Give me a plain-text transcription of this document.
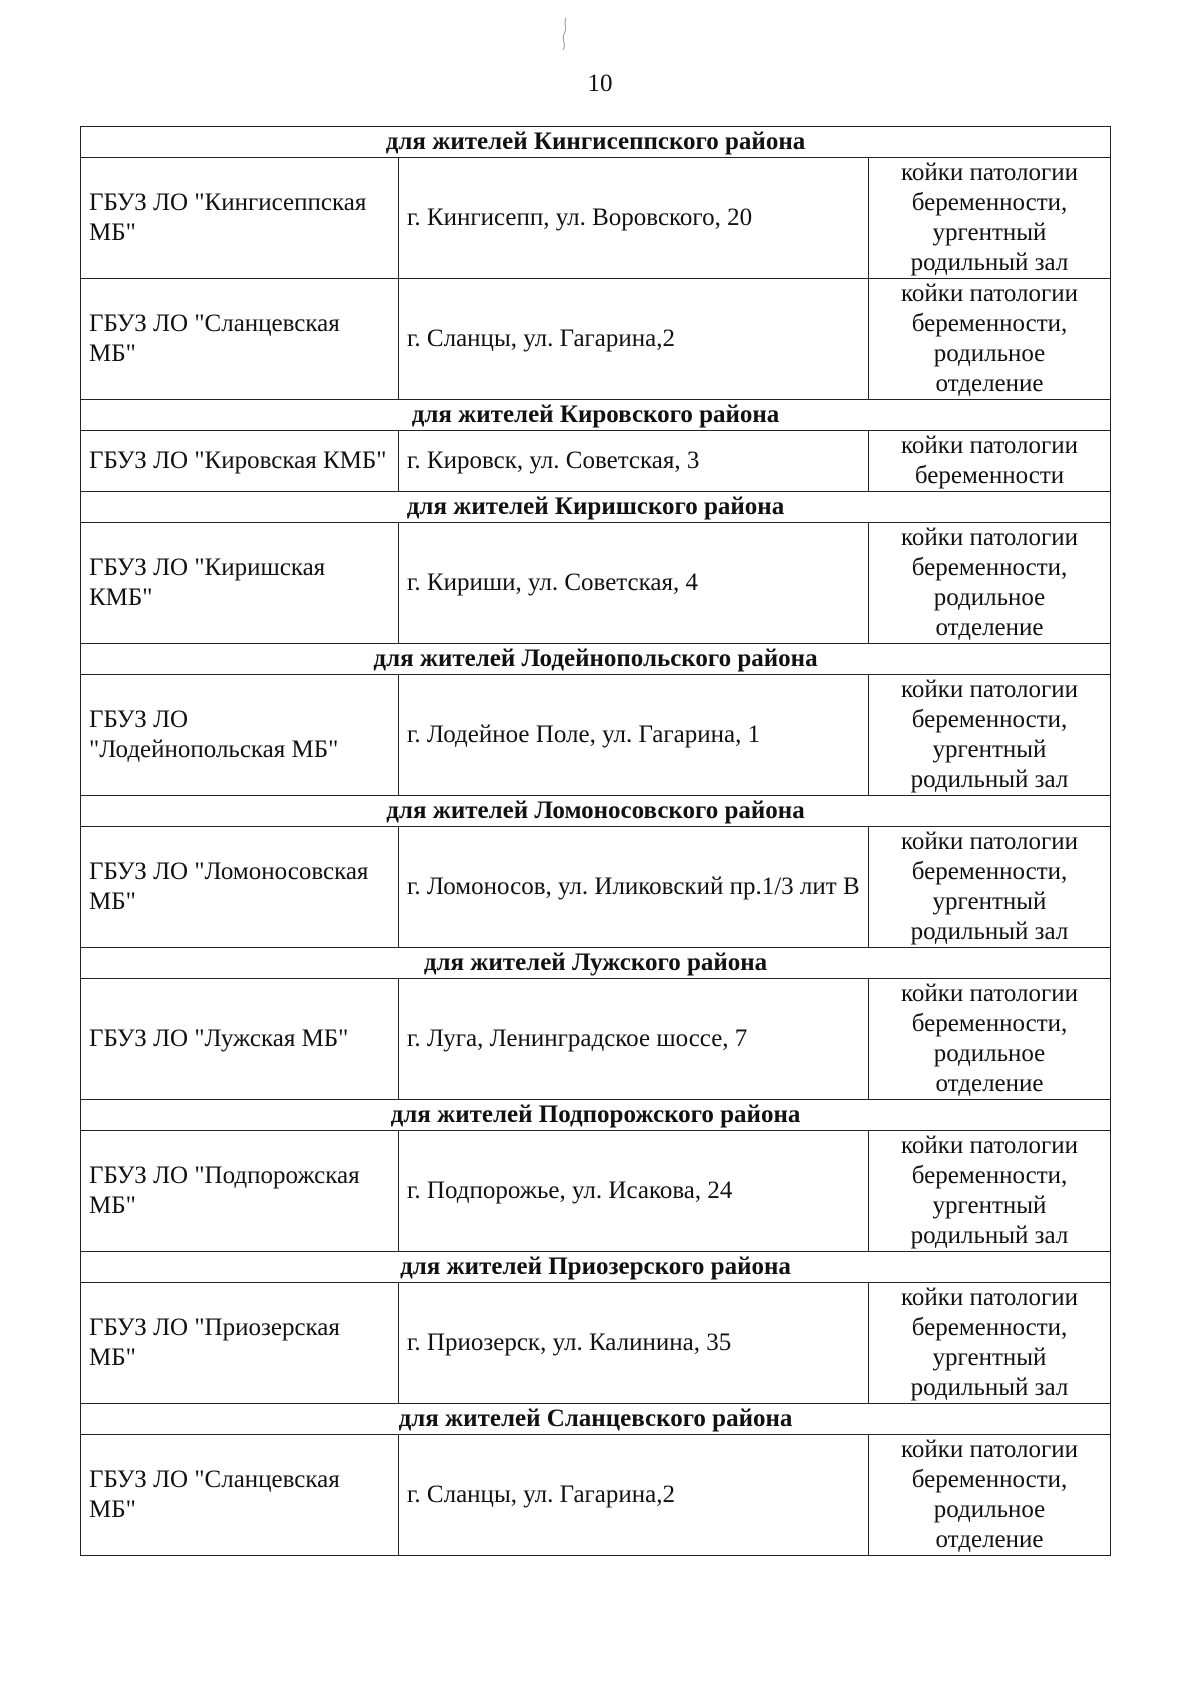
10
для жителей Кингисеппского района		
ГБУЗ ЛО "Кингисеппская МБ"	г. Кингисепп, ул. Воровского, 20	койки патологии
беременности,
ургентный
родильный зал
ГБУЗ ЛО "Сланцевская МБ"	г. Сланцы, ул. Гагарина,2	койки патологии
беременности,
родильное
отделение
для жителей Кировского района		
ГБУЗ ЛО "Кировская КМБ"	г. Кировск, ул. Советская, 3	койки патологии
беременности
для жителей Киришского района		
ГБУЗ ЛО "Киришская КМБ"	г. Кириши, ул. Советская, 4	койки патологии
беременности,
родильное
отделение
для жителей Лодейнопольского района		
ГБУЗ ЛО "Лодейнопольская МБ"	г. Лодейное Поле, ул. Гагарина, 1	койки патологии
беременности,
ургентный
родильный зал
для жителей Ломоносовского района		
ГБУЗ ЛО "Ломоносовская МБ"	г. Ломоносов, ул. Иликовский пр.1/3 лит В	койки патологии
беременности,
ургентный
родильный зал
для жителей Лужского района		
ГБУЗ ЛО "Лужская МБ"	г. Луга, Ленинградское шоссе, 7	койки патологии
беременности,
родильное
отделение
для жителей Подпорожского района		
ГБУЗ ЛО "Подпорожская МБ"	г. Подпорожье, ул. Исакова, 24	койки патологии
беременности,
ургентный
родильный зал
для жителей Приозерского района		
ГБУЗ ЛО "Приозерская МБ"	г. Приозерск, ул. Калинина, 35	койки патологии
беременности,
ургентный
родильный зал
для жителей Сланцевского района		
ГБУЗ ЛО "Сланцевская МБ"	г. Сланцы, ул. Гагарина,2	койки патологии
беременности,
родильное
отделение
